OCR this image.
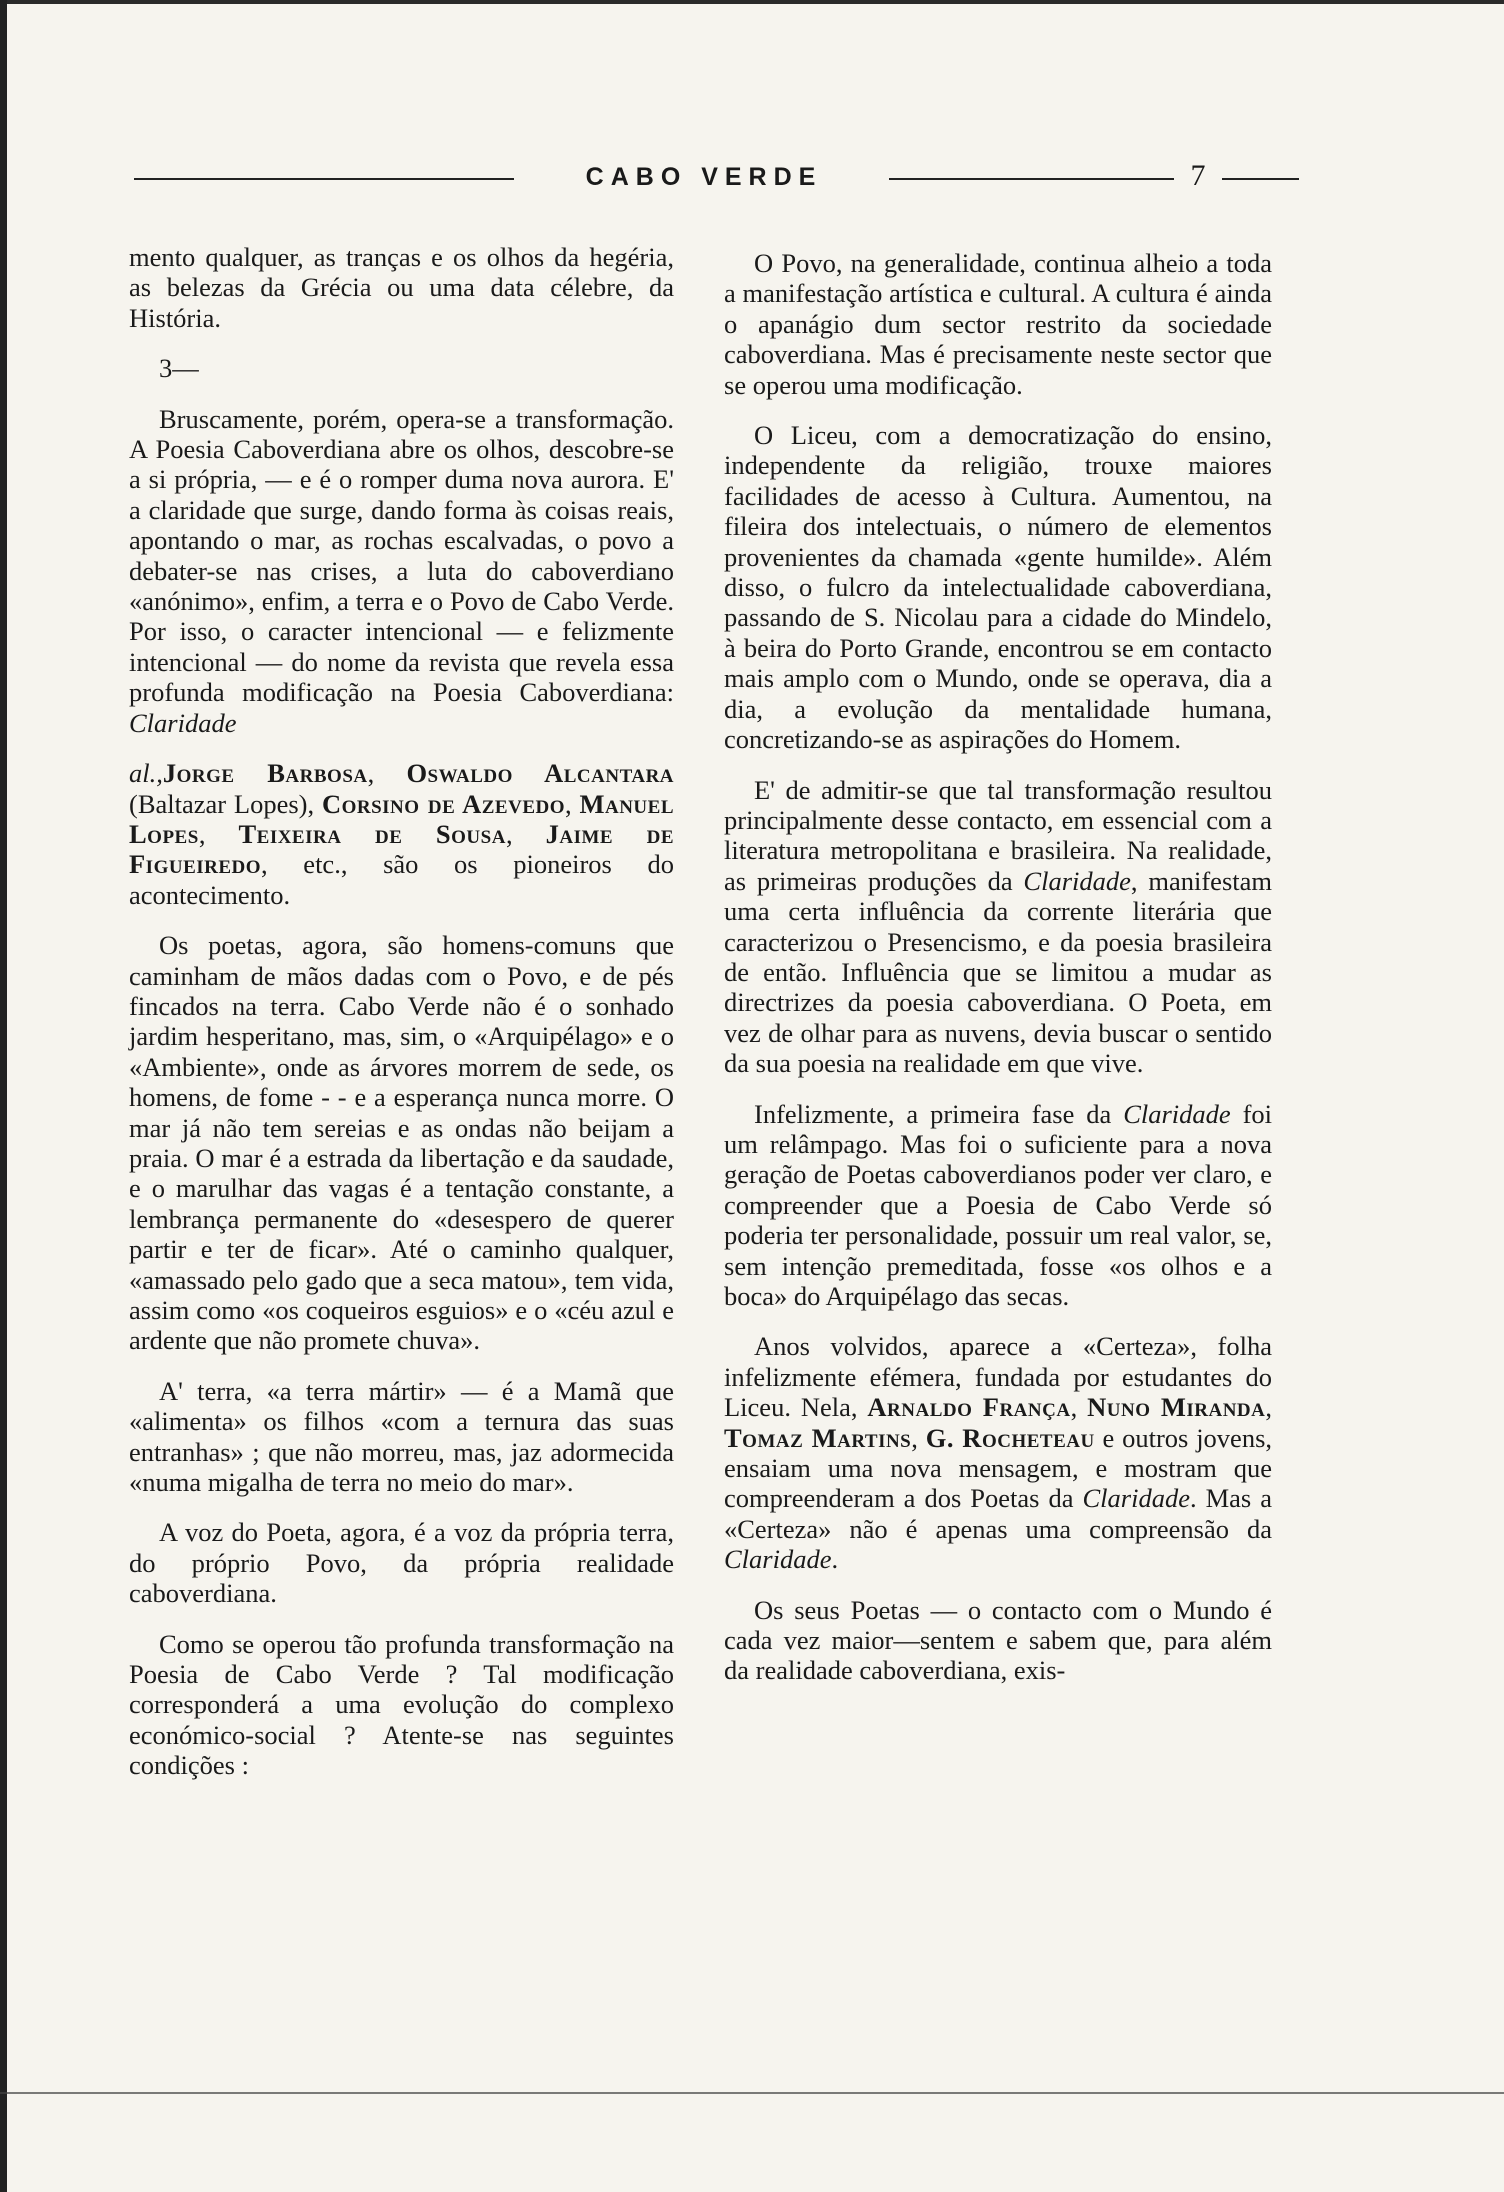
CABO VERDE	7

mento qualquer, as tranças e os olhos da hegéria, as belezas da Grécia ou uma data célebre, da História.

3—

Bruscamente, porém, opera-se a transformação. A Poesia Caboverdiana abre os olhos, descobre-se a si própria, — e é o romper duma nova aurora. E' a claridade que surge, dando forma às coisas reais, apontando o mar, as rochas escalvadas, o povo a debater-se nas crises, a luta do caboverdiano «anónimo», enfim, a terra e o Povo de Cabo Verde. Por isso, o caracter intencional — e felizmente intencional — do nome da revista que revela essa profunda modificação na Poesia Caboverdiana: Claridade

al.,Jorge Barbosa, Oswaldo Alcantara (Baltazar Lopes), Corsino de Azevedo, Manuel Lopes, Teixeira de Sousa, Jaime de Figueiredo, etc., são os pioneiros do acontecimento.

Os poetas, agora, são homens-comuns que caminham de mãos dadas com o Povo, e de pés fincados na terra. Cabo Verde não é o sonhado jardim hesperitano, mas, sim, o «Arquipélago» e o «Ambiente», onde as árvores morrem de sede, os homens, de fome - - e a esperança nunca morre. O mar já não tem sereias e as ondas não beijam a praia. O mar é a estrada da libertação e da saudade, e o marulhar das vagas é a tentação constante, a lembrança permanente do «desespero de querer partir e ter de ficar». Até o caminho qualquer, «amassado pelo gado que a seca matou», tem vida, assim como «os coqueiros esguios» e o «céu azul e ardente que não promete chuva».

A' terra, «a terra mártir» — é a Mamã que «alimenta» os filhos «com a ternura das suas entranhas» ; que não morreu, mas, jaz adormecida «numa migalha de terra no meio do mar».

A voz do Poeta, agora, é a voz da própria terra, do próprio Povo, da própria realidade caboverdiana.

Como se operou tão profunda transformação na Poesia de Cabo Verde ? Tal modificação corresponderá a uma evolução do complexo económico-social ? Atente-se nas seguintes condições :

O Povo, na generalidade, continua alheio a toda a manifestação artística e cultural. A cultura é ainda o apanágio dum sector restrito da sociedade caboverdiana. Mas é precisamente neste sector que se operou uma modificação.

O Liceu, com a democratização do ensino, independente da religião, trouxe maiores facilidades de acesso à Cultura. Aumentou, na fileira dos intelectuais, o número de elementos provenientes da chamada «gente humilde». Além disso, o fulcro da intelectualidade caboverdiana, passando de S. Nicolau para a cidade do Mindelo, à beira do Porto Grande, encontrou se em contacto mais amplo com o Mundo, onde se operava, dia a dia, a evolução da mentalidade humana, concretizando-se as aspirações do Homem.

E' de admitir-se que tal transformação resultou principalmente desse contacto, em essencial com a literatura metropolitana e brasileira. Na realidade, as primeiras produções da Claridade, manifestam uma certa influência da corrente literária que caracterizou o Presencismo, e da poesia brasileira de então. Influência que se limitou a mudar as directrizes da poesia caboverdiana. O Poeta, em vez de olhar para as nuvens, devia buscar o sentido da sua poesia na realidade em que vive.

Infelizmente, a primeira fase da Claridade foi um relâmpago. Mas foi o suficiente para a nova geração de Poetas caboverdianos poder ver claro, e compreender que a Poesia de Cabo Verde só poderia ter personalidade, possuir um real valor, se, sem intenção premeditada, fosse «os olhos e a boca» do Arquipélago das secas.

Anos volvidos, aparece a «Certeza», folha infelizmente efémera, fundada por estudantes do Liceu. Nela, Arnaldo França, Nuno Miranda, Tomaz Martins, G. Rocheteau e outros jovens, ensaiam uma nova mensagem, e mostram que compreenderam a dos Poetas da Claridade. Mas a «Certeza» não é apenas uma compreensão da Claridade.

Os seus Poetas — o contacto com o Mundo é cada vez maior—sentem e sabem que, para além da realidade caboverdiana, exis-
